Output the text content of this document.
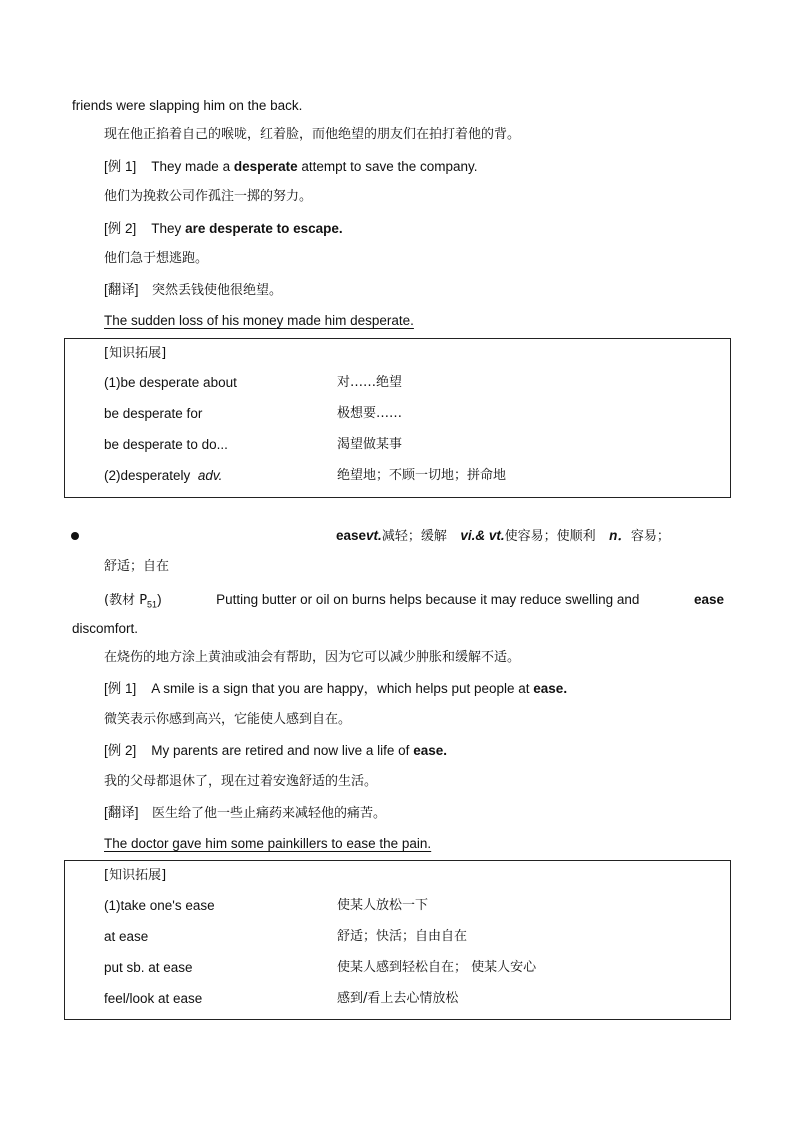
friends were slapping him on the back.
现在他正掐着自己的喉咙，红着脸，而他绝望的朋友们在拍打着他的背。
[例 1] They made a desperate attempt to save the company.
他们为挽救公司作孤注一掷的努力。
[例 2] They are desperate to escape.
他们急于想逃跑。
[翻译] 突然丢钱使他很绝望。
The sudden loss of his money made him desperate.
[知识拓展]
(1)be desperate about	对……绝望
be desperate for	极想要……
be desperate to do...	渴望做某事
(2)desperately adv.	绝望地；不顾一切地；拼命地
easevt.减轻；缓解 vi.& vt.使容易；使顺利 n．容易；
舒适；自在
(教材 $P_{51}$)	Putting butter or oil on burns helps because it may reduce swelling and	ease
discomfort.
在烧伤的地方涂上黄油或油会有帮助，因为它可以减少肿胀和缓解不适。
[例 1] A smile is a sign that you are happy，which helps put people at ease.
微笑表示你感到高兴，它能使人感到自在。
[例 2] My parents are retired and now live a life of ease.
我的父母都退休了，现在过着安逸舒适的生活。
[翻译] 医生给了他一些止痛药来减轻他的痛苦。
The doctor gave him some painkillers to ease the pain.
[知识拓展]
(1)take one's ease	使某人放松一下
at ease	舒适；快活；自由自在
put sb. at ease	使某人感到轻松自在； 使某人安心
feel/look at ease	感到/看上去心情放松
